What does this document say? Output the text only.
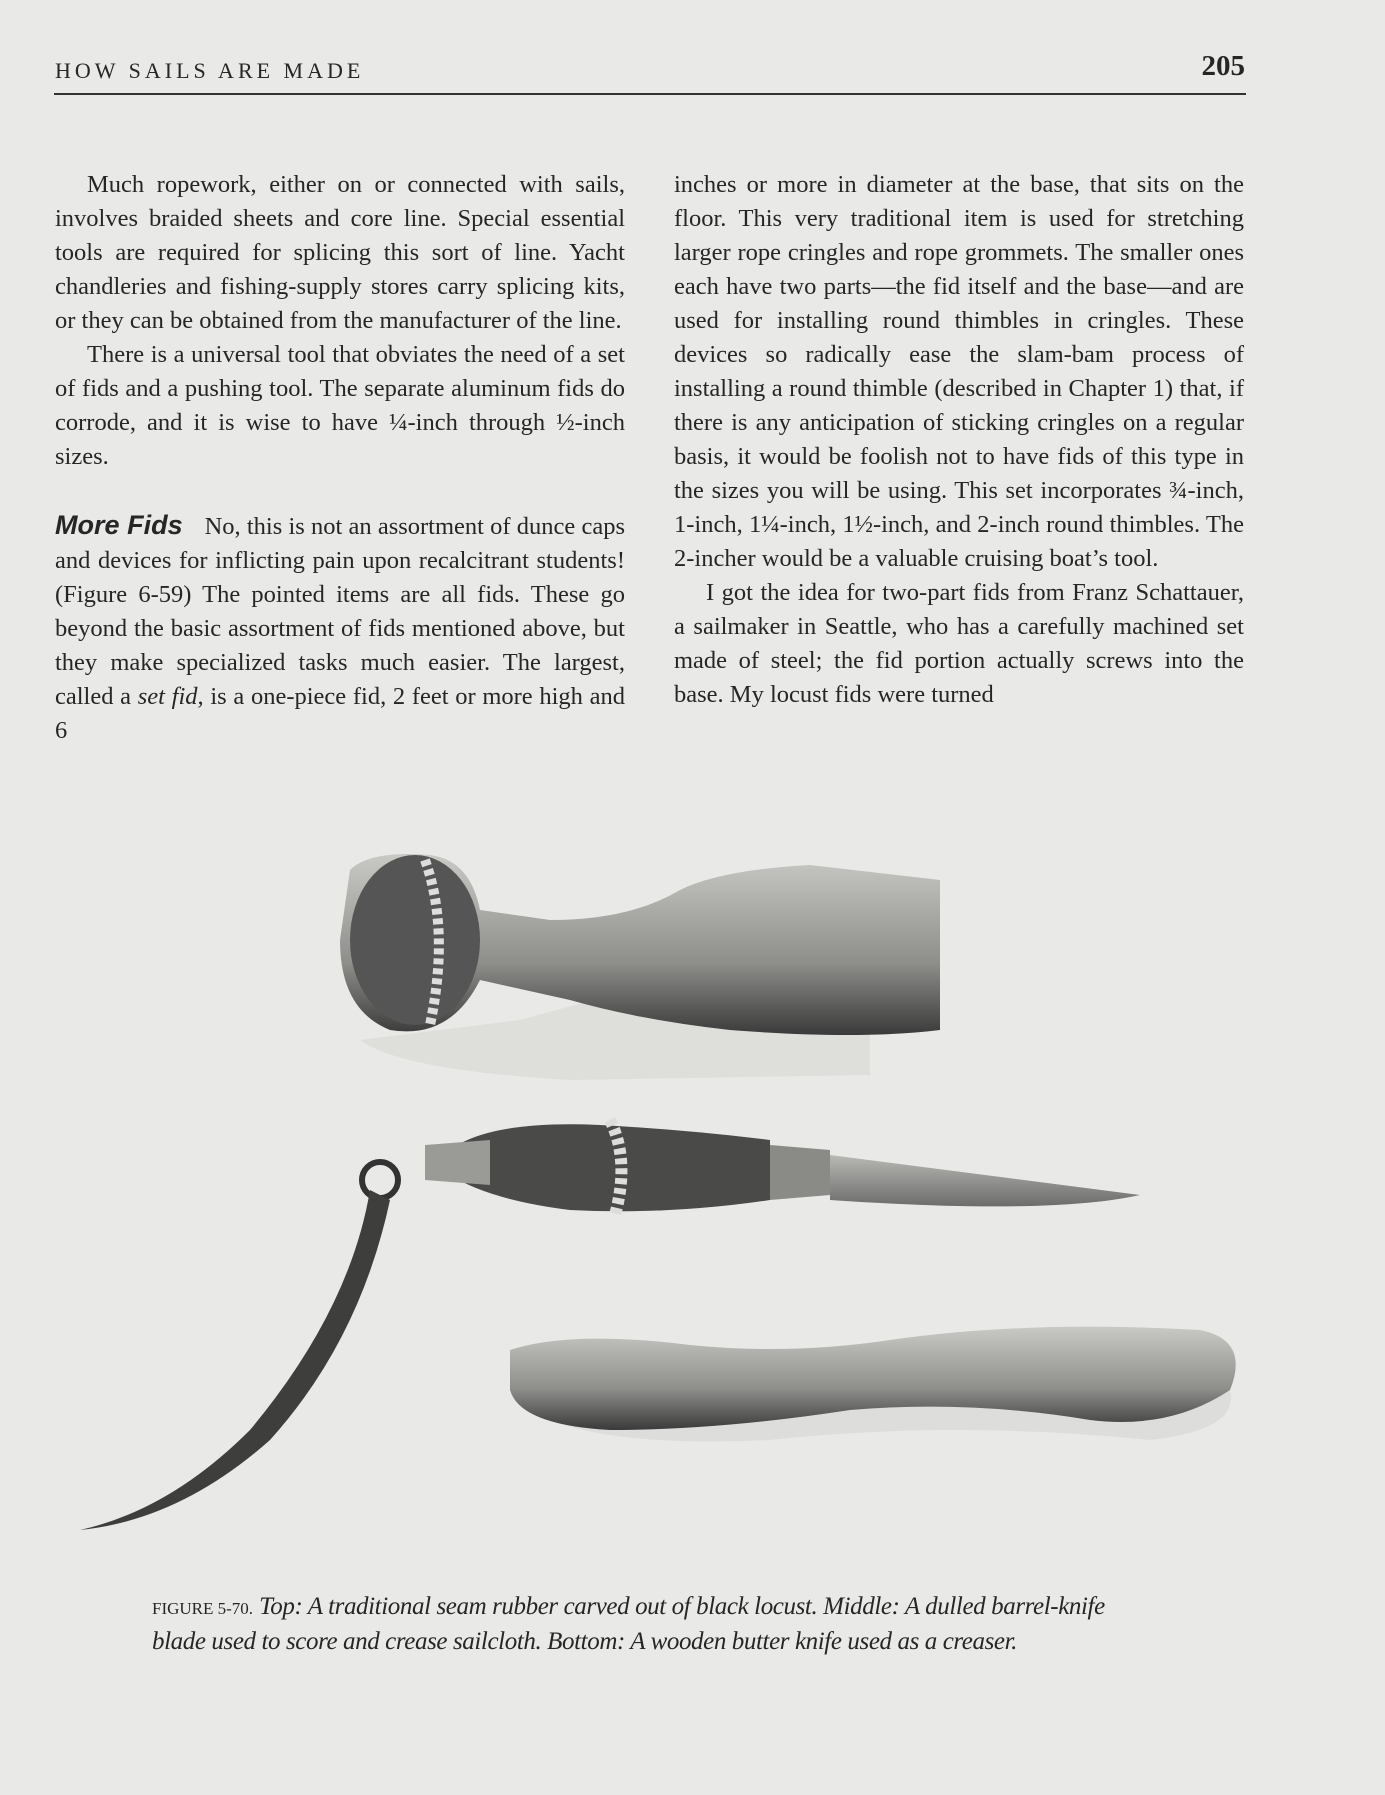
HOW SAILS ARE MADE	205

Much ropework, either on or connected with sails, involves braided sheets and core line. Special essential tools are required for splicing this sort of line. Yacht chandleries and fishing-supply stores carry splicing kits, or they can be obtained from the manufacturer of the line.

There is a universal tool that obviates the need of a set of fids and a pushing tool. The separate aluminum fids do corrode, and it is wise to have ¼-inch through ½-inch sizes.

More Fids No, this is not an assortment of dunce caps and devices for inflicting pain upon recalcitrant students! (Figure 6-59) The pointed items are all fids. These go beyond the basic assortment of fids mentioned above, but they make specialized tasks much easier. The largest, called a set fid, is a one-piece fid, 2 feet or more high and 6

inches or more in diameter at the base, that sits on the floor. This very traditional item is used for stretching larger rope cringles and rope grommets. The smaller ones each have two parts—the fid itself and the base—and are used for installing round thimbles in cringles. These devices so radically ease the slam-bam process of installing a round thimble (described in Chapter 1) that, if there is any anticipation of sticking cringles on a regular basis, it would be foolish not to have fids of this type in the sizes you will be using. This set incorporates ¾-inch, 1-inch, 1¼-inch, 1½-inch, and 2-inch round thimbles. The 2-incher would be a valuable cruising boat’s tool.

I got the idea for two-part fids from Franz Schattauer, a sailmaker in Seattle, who has a carefully machined set made of steel; the fid portion actually screws into the base. My locust fids were turned

FIGURE 5-70. Top: A traditional seam rubber carved out of black locust. Middle: A dulled barrel-knife blade used to score and crease sailcloth. Bottom: A wooden butter knife used as a creaser.
